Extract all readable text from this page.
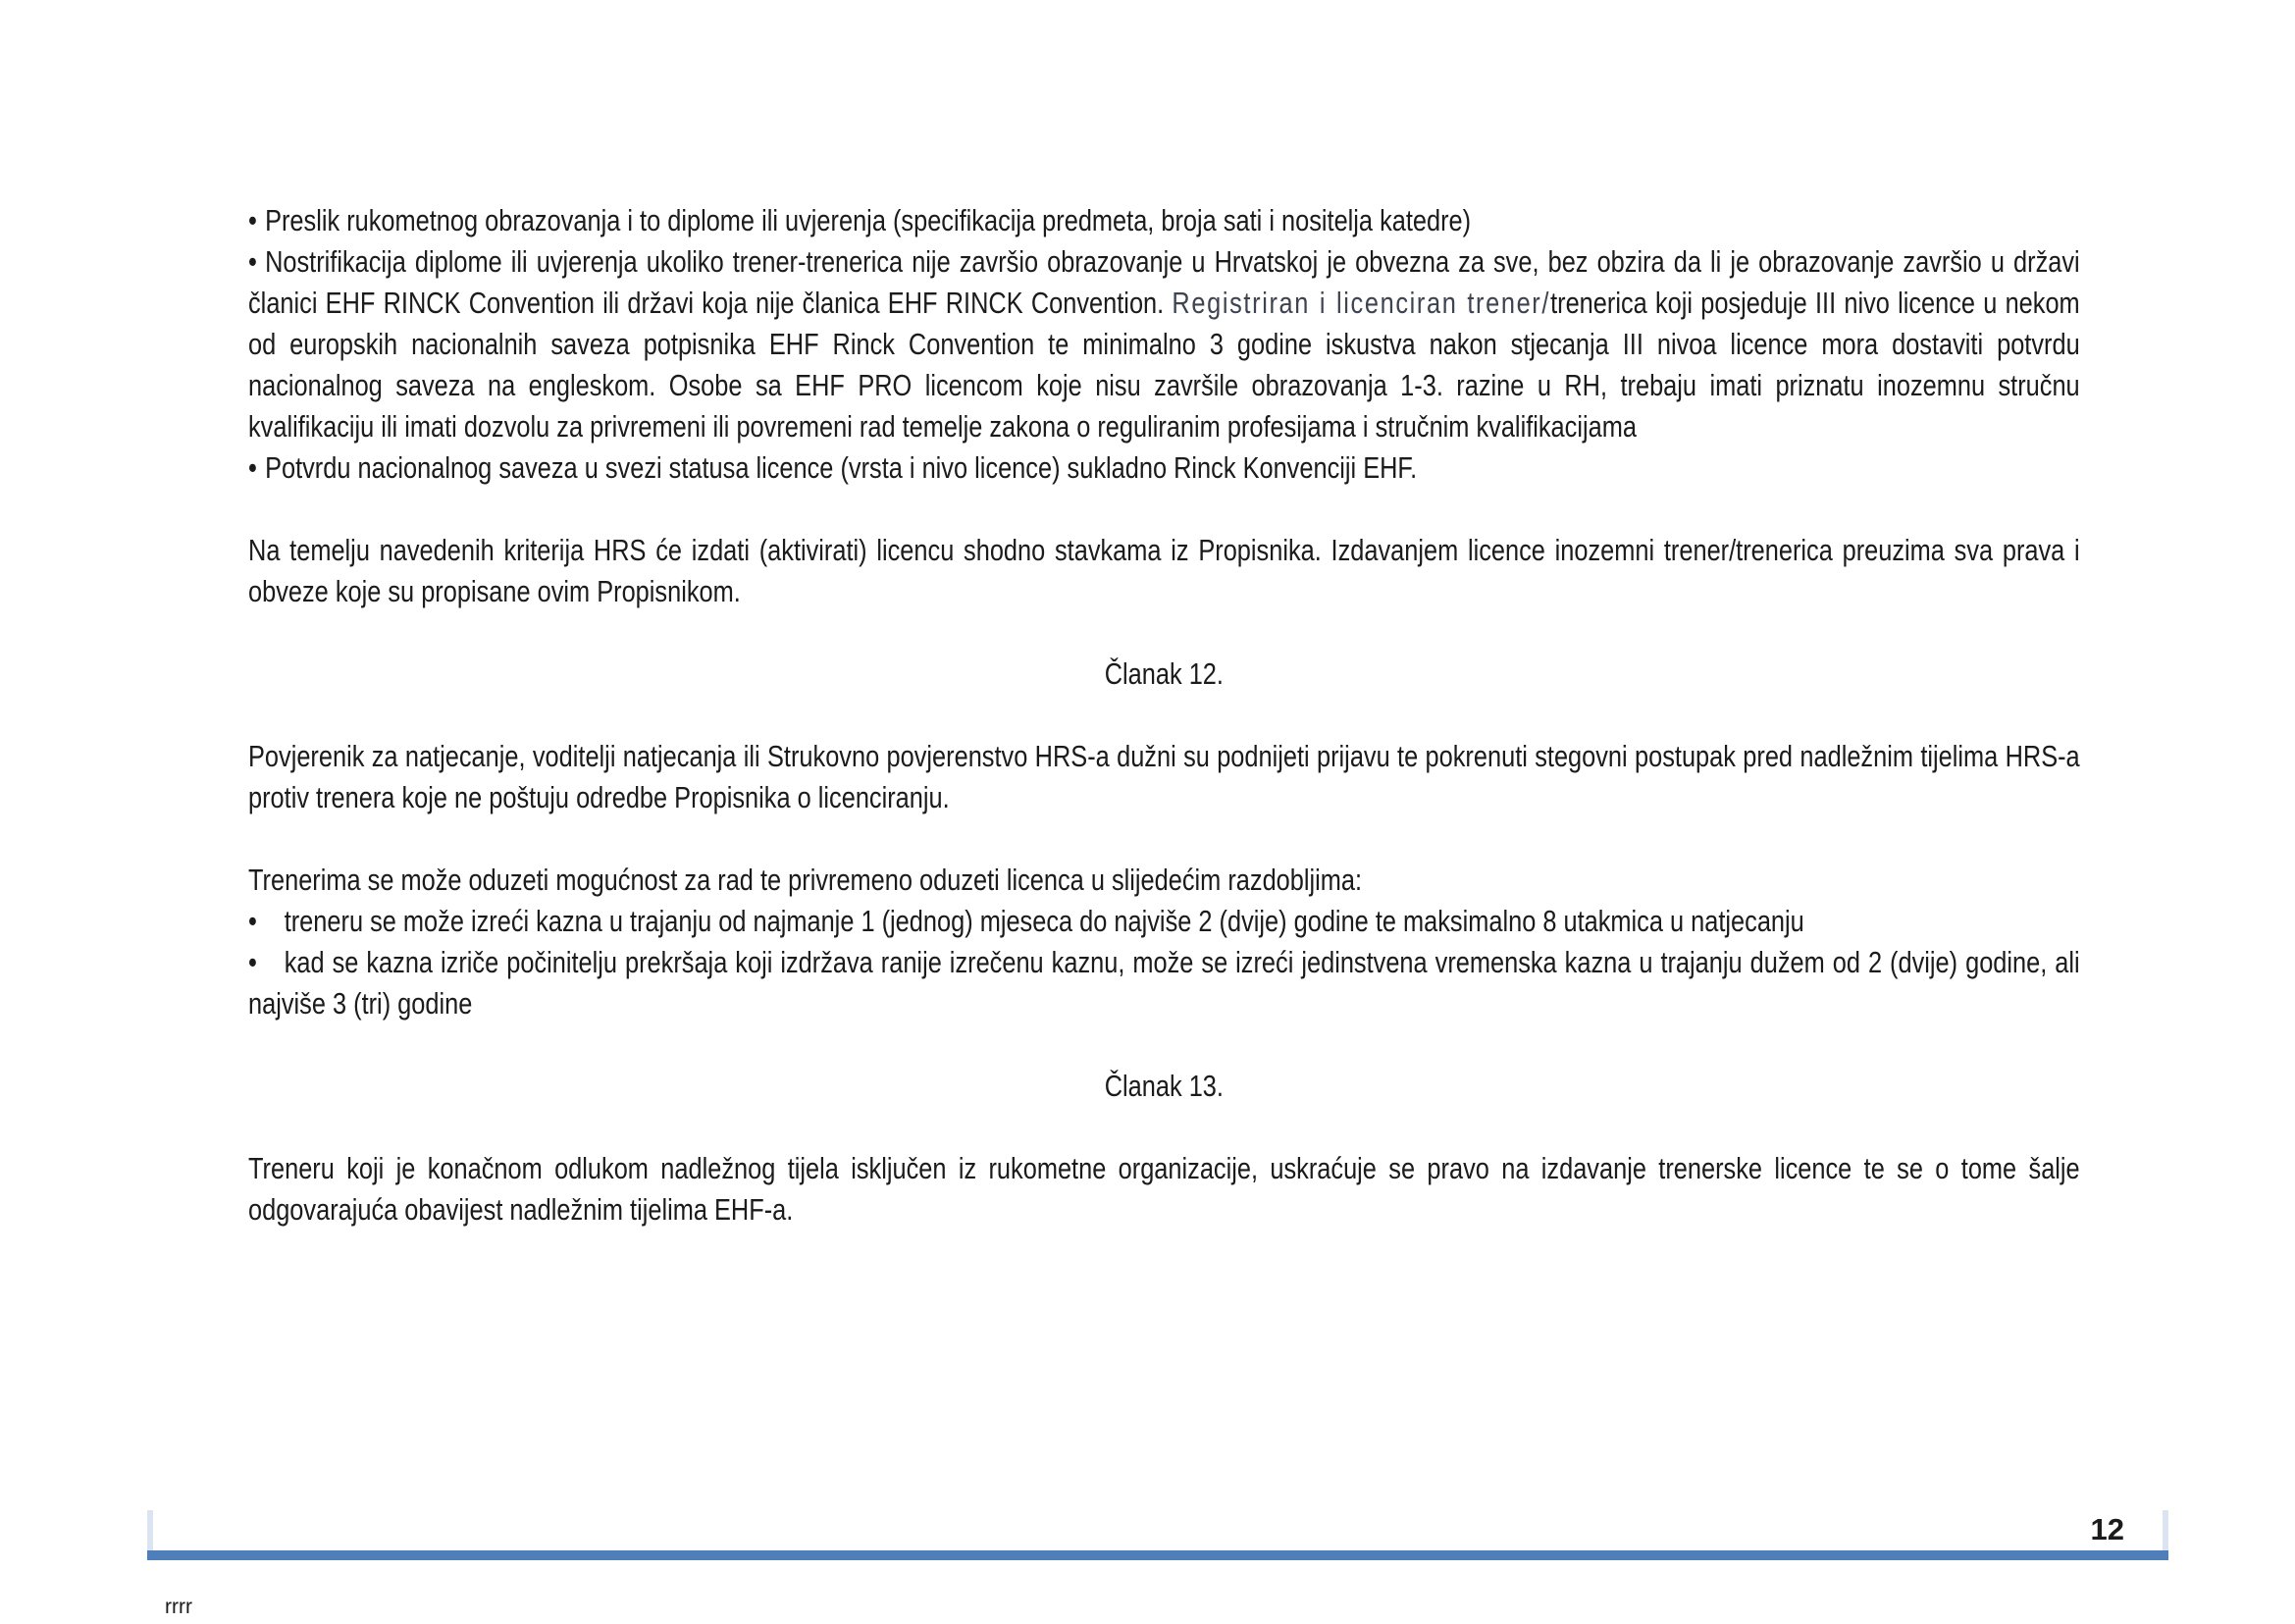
• Preslik rukometnog obrazovanja i to diplome ili uvjerenja (specifikacija predmeta, broja sati i nositelja katedre)

• Nostrifikacija diplome ili uvjerenja ukoliko trener-trenerica nije završio obrazovanje u Hrvatskoj je obvezna za sve, bez obzira da li je obrazovanje završio u državi članici EHF RINCK Convention ili državi koja nije članica EHF RINCK Convention. Registriran i licenciran trener/trenerica koji posjeduje III nivo licence u nekom od europskih nacionalnih saveza potpisnika EHF Rinck Convention te minimalno 3 godine iskustva nakon stjecanja III nivoa licence mora dostaviti potvrdu nacionalnog saveza na engleskom. Osobe sa EHF PRO licencom koje nisu završile obrazovanja 1-3. razine u RH, trebaju imati priznatu inozemnu stručnu kvalifikaciju ili imati dozvolu za privremeni ili povremeni rad temelje zakona o reguliranim profesijama i stručnim kvalifikacijama

• Potvrdu nacionalnog saveza u svezi statusa licence (vrsta i nivo licence) sukladno Rinck Konvenciji EHF.

Na temelju navedenih kriterija HRS će izdati (aktivirati) licencu shodno stavkama iz Propisnika. Izdavanjem licence inozemni trener/trenerica preuzima sva prava i obveze koje su propisane ovim Propisnikom.

Članak 12.

Povjerenik za natjecanje, voditelji natjecanja ili Strukovno povjerenstvo HRS-a dužni su podnijeti prijavu te pokrenuti stegovni postupak pred nadležnim tijelima HRS-a protiv trenera koje ne poštuju odredbe Propisnika o licenciranju.

Trenerima se može oduzeti mogućnost za rad te privremeno oduzeti licenca u slijedećim razdobljima:

• treneru se može izreći kazna u trajanju od najmanje 1 (jednog) mjeseca do najviše 2 (dvije) godine te maksimalno 8 utakmica u natjecanju

• kad se kazna izriče počinitelju prekršaja koji izdržava ranije izrečenu kaznu, može se izreći jedinstvena vremenska kazna u trajanju dužem od 2 (dvije) godine, ali najviše 3 (tri) godine

Članak 13.

Treneru koji je konačnom odlukom nadležnog tijela isključen iz rukometne organizacije, uskraćuje se pravo na izdavanje trenerske licence te se o tome šalje odgovarajuća obavijest nadležnim tijelima EHF-a.

12
rrrr
